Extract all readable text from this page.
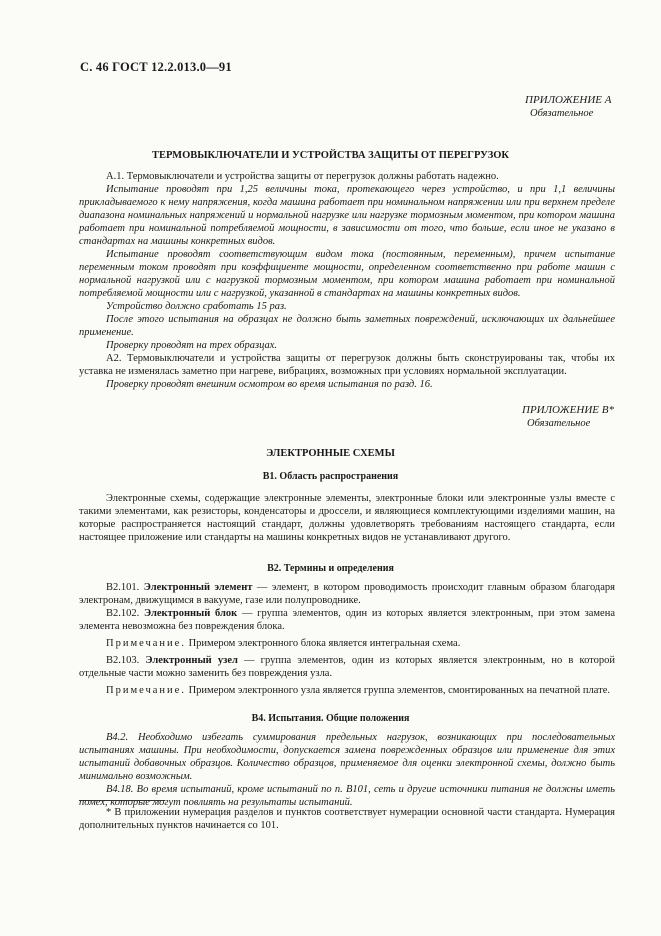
С. 46 ГОСТ 12.2.013.0—91
ПРИЛОЖЕНИЕ А
Обязательное
ТЕРМОВЫКЛЮЧАТЕЛИ И УСТРОЙСТВА ЗАЩИТЫ ОТ ПЕРЕГРУЗОК

А.1. Термовыключатели и устройства защиты от перегрузок должны работать надежно.

Испытание проводят при 1,25 величины тока, протекающего через устройство, и при 1,1 величины прикладываемого к нему напряжения, когда машина работает при номинальном напряжении или при верхнем пределе диапазона номинальных напряжений и нормальной нагрузке или нагрузке тормозным моментом, при котором машина работает при номинальной потребляемой мощности, в зависимости от того, что больше, если иное не указано в стандартах на машины конкретных видов.

Испытание проводят соответствующим видом тока (постоянным, переменным), причем испытание переменным током проводят при коэффициенте мощности, определенном соответственно при работе машин с нормальной нагрузкой или с нагрузкой тормозным моментом, при котором машина работает при номинальной потребляемой мощности или с нагрузкой, указанной в стандартах на машины конкретных видов.

Устройство должно сработать 15 раз.

После этого испытания на образцах не должно быть заметных повреждений, исключающих их дальнейшее применение.

Проверку проводят на трех образцах.

А2. Термовыключатели и устройства защиты от перегрузок должны быть сконструированы так, чтобы их уставка не изменялась заметно при нагреве, вибрациях, возможных при условиях нормальной эксплуатации.

Проверку проводят внешним осмотром во время испытания по разд. 16.

ПРИЛОЖЕНИЕ В*
Обязательное
ЭЛЕКТРОННЫЕ СХЕМЫ
В1. Область распространения

Электронные схемы, содержащие электронные элементы, электронные блоки или электронные узлы вместе с такими элементами, как резисторы, конденсаторы и дроссели, и являющиеся комплектующими изделиями машин, на которые распространяется настоящий стандарт, должны удовлетворять требованиям настоящего стандарта, если настоящее приложение или стандарты на машины конкретных видов не устанавливают другого.

В2. Термины и определения

В2.101. Электронный элемент — элемент, в котором проводимость происходит главным образом благодаря электронам, движущимся в вакууме, газе или полупроводнике.

В2.102. Электронный блок — группа элементов, один из которых является электронным, при этом замена элемента невозможна без повреждения блока.

Примечание. Примером электронного блока является интегральная схема.

В2.103. Электронный узел — группа элементов, один из которых является электронным, но в которой отдельные части можно заменить без повреждения узла.

Примечание. Примером электронного узла является группа элементов, смонтированных на печатной плате.

В4. Испытания. Общие положения

В4.2. Необходимо избегать суммирования предельных нагрузок, возникающих при последовательных испытаниях машины. При необходимости, допускается замена поврежденных образцов или применение для этих испытаний добавочных образцов. Количество образцов, применяемое для оценки электронной схемы, должно быть минимально возможным.

В4.18. Во время испытаний, кроме испытаний по п. В101, сеть и другие источники питания не должны иметь помех, которые могут повлиять на результаты испытаний.

* В приложении нумерация разделов и пунктов соответствует нумерации основной части стандарта. Нумерация дополнительных пунктов начинается со 101.
